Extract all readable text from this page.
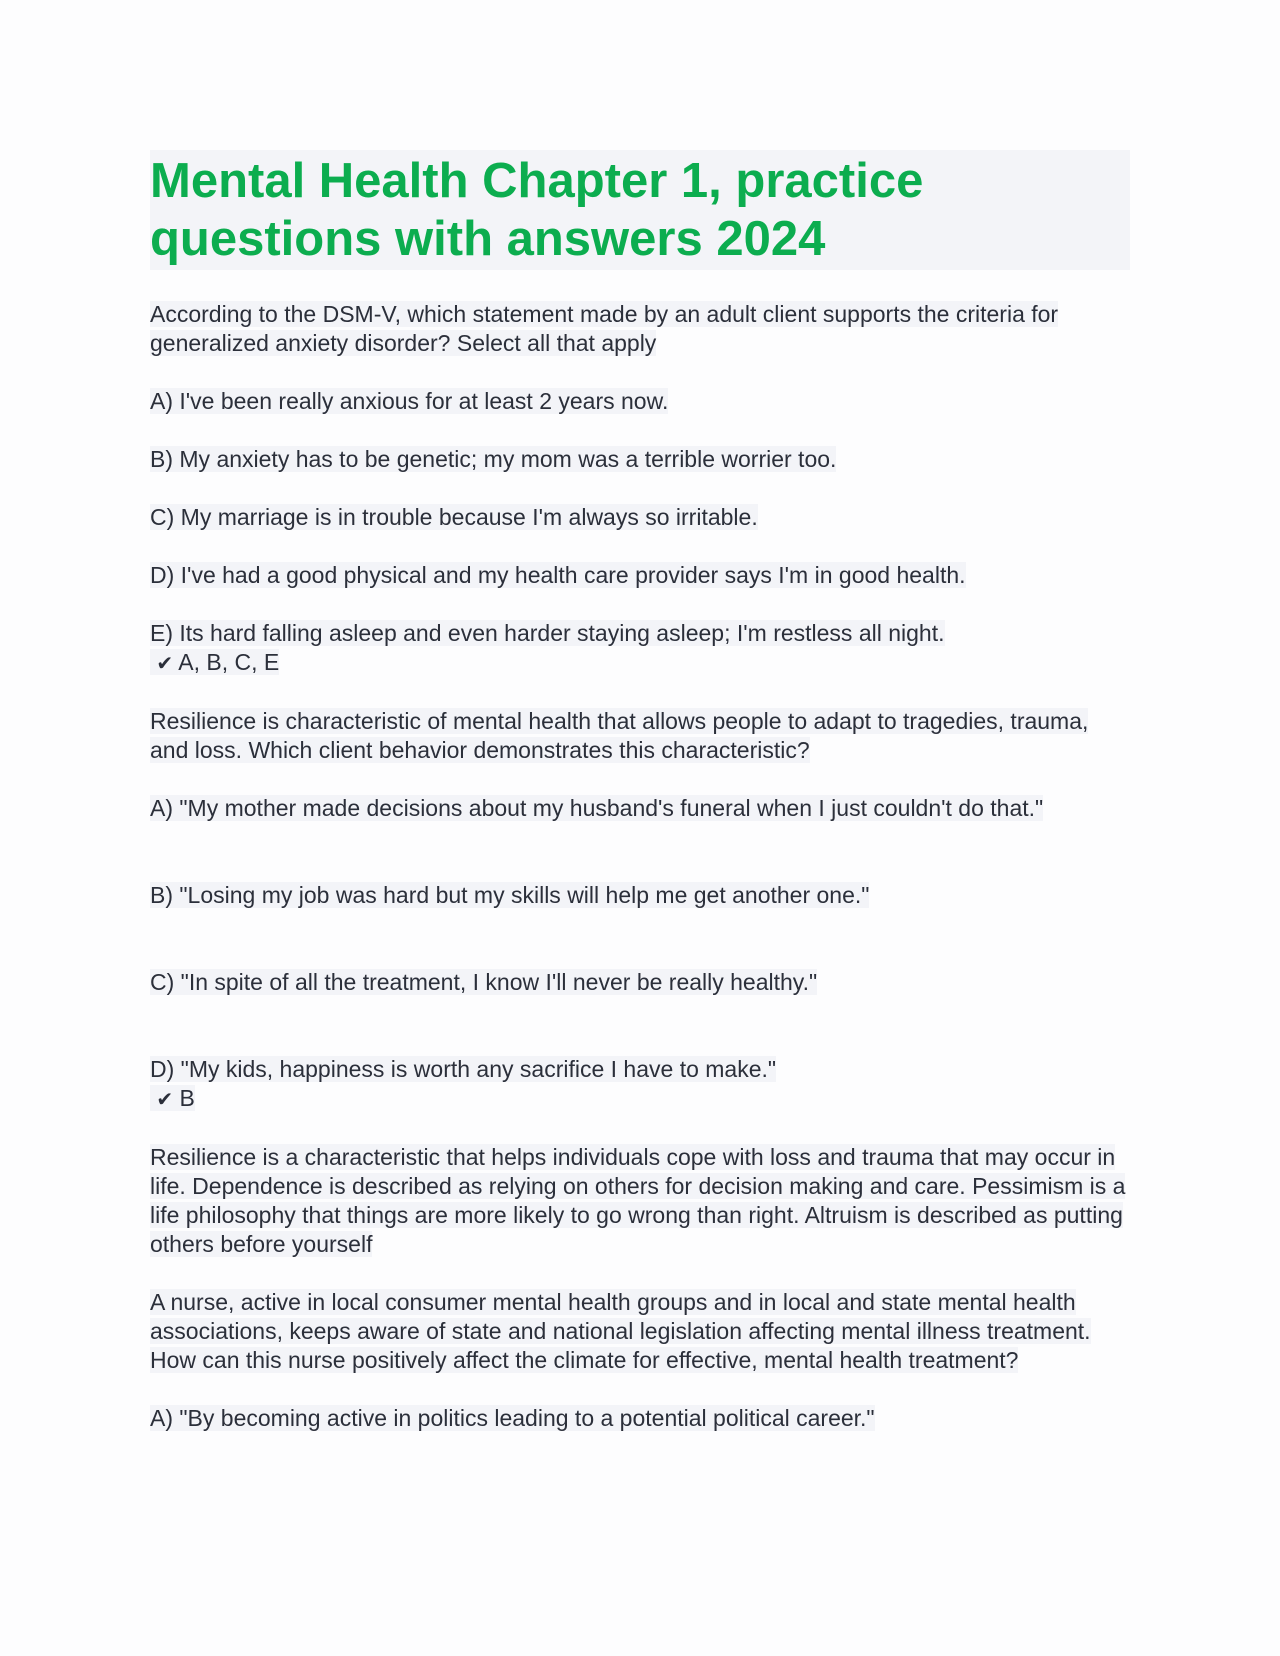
Mental Health Chapter 1, practice questions with answers 2024
According to the DSM-V, which statement made by an adult client supports the criteria for generalized anxiety disorder? Select all that apply
A) I've been really anxious for at least 2 years now.
B) My anxiety has to be genetic; my mom was a terrible worrier too.
C) My marriage is in trouble because I'm always so irritable.
D) I've had a good physical and my health care provider says I'm in good health.
E) Its hard falling asleep and even harder staying asleep; I'm restless all night.
✔ A, B, C, E
Resilience is characteristic of mental health that allows people to adapt to tragedies, trauma, and loss. Which client behavior demonstrates this characteristic?
A) "My mother made decisions about my husband's funeral when I just couldn't do that."
B) "Losing my job was hard but my skills will help me get another one."
C) "In spite of all the treatment, I know I'll never be really healthy."
D) "My kids, happiness is worth any sacrifice I have to make."
✔ B
Resilience is a characteristic that helps individuals cope with loss and trauma that may occur in life. Dependence is described as relying on others for decision making and care. Pessimism is a life philosophy that things are more likely to go wrong than right. Altruism is described as putting others before yourself
A nurse, active in local consumer mental health groups and in local and state mental health associations, keeps aware of state and national legislation affecting mental illness treatment. How can this nurse positively affect the climate for effective, mental health treatment?
A) "By becoming active in politics leading to a potential political career."
